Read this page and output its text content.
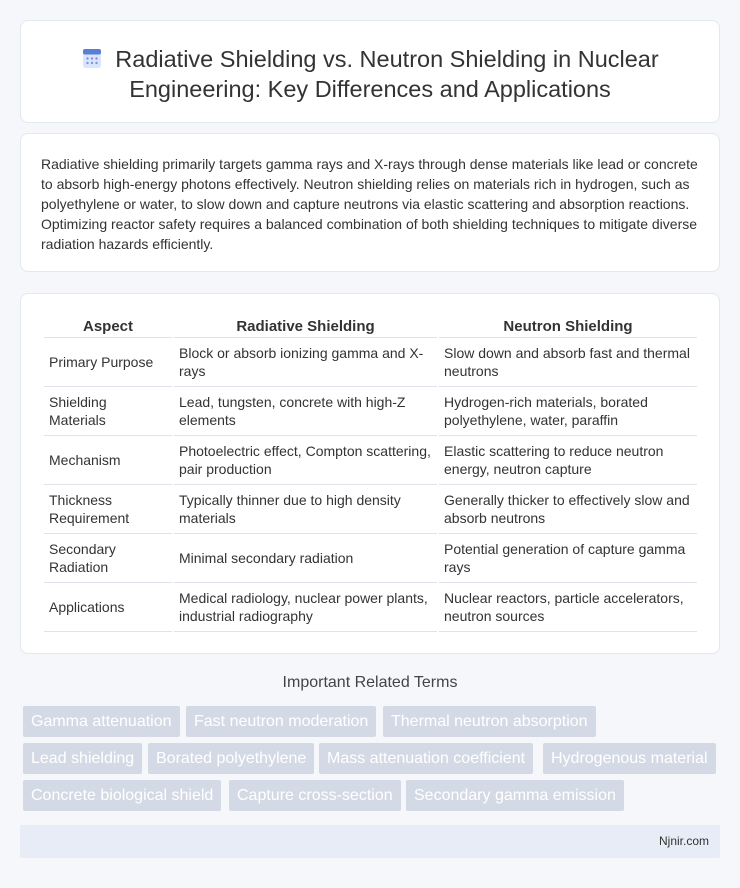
Radiative Shielding vs. Neutron Shielding in Nuclear Engineering: Key Differences and Applications

Radiative shielding primarily targets gamma rays and X-rays through dense materials like lead or concrete to absorb high-energy photons effectively. Neutron shielding relies on materials rich in hydrogen, such as polyethylene or water, to slow down and capture neutrons via elastic scattering and absorption reactions. Optimizing reactor safety requires a balanced combination of both shielding techniques to mitigate diverse radiation hazards efficiently.

Aspect	Radiative Shielding	Neutron Shielding
Primary Purpose	Block or absorb ionizing gamma and X-rays	Slow down and absorb fast and thermal neutrons
Shielding Materials	Lead, tungsten, concrete with high-Z elements	Hydrogen-rich materials, borated polyethylene, water, paraffin
Mechanism	Photoelectric effect, Compton scattering, pair production	Elastic scattering to reduce neutron energy, neutron capture
Thickness Requirement	Typically thinner due to high density materials	Generally thicker to effectively slow and absorb neutrons
Secondary Radiation	Minimal secondary radiation	Potential generation of capture gamma rays
Applications	Medical radiology, nuclear power plants, industrial radiography	Nuclear reactors, particle accelerators, neutron sources
Important Related Terms
Gamma attenuation	Fast neutron moderation	Thermal neutron absorption
Lead shielding	Borated polyethylene	Mass attenuation coefficient	Hydrogenous material
Concrete biological shield	Capture cross-section	Secondary gamma emission
Njnir.com
